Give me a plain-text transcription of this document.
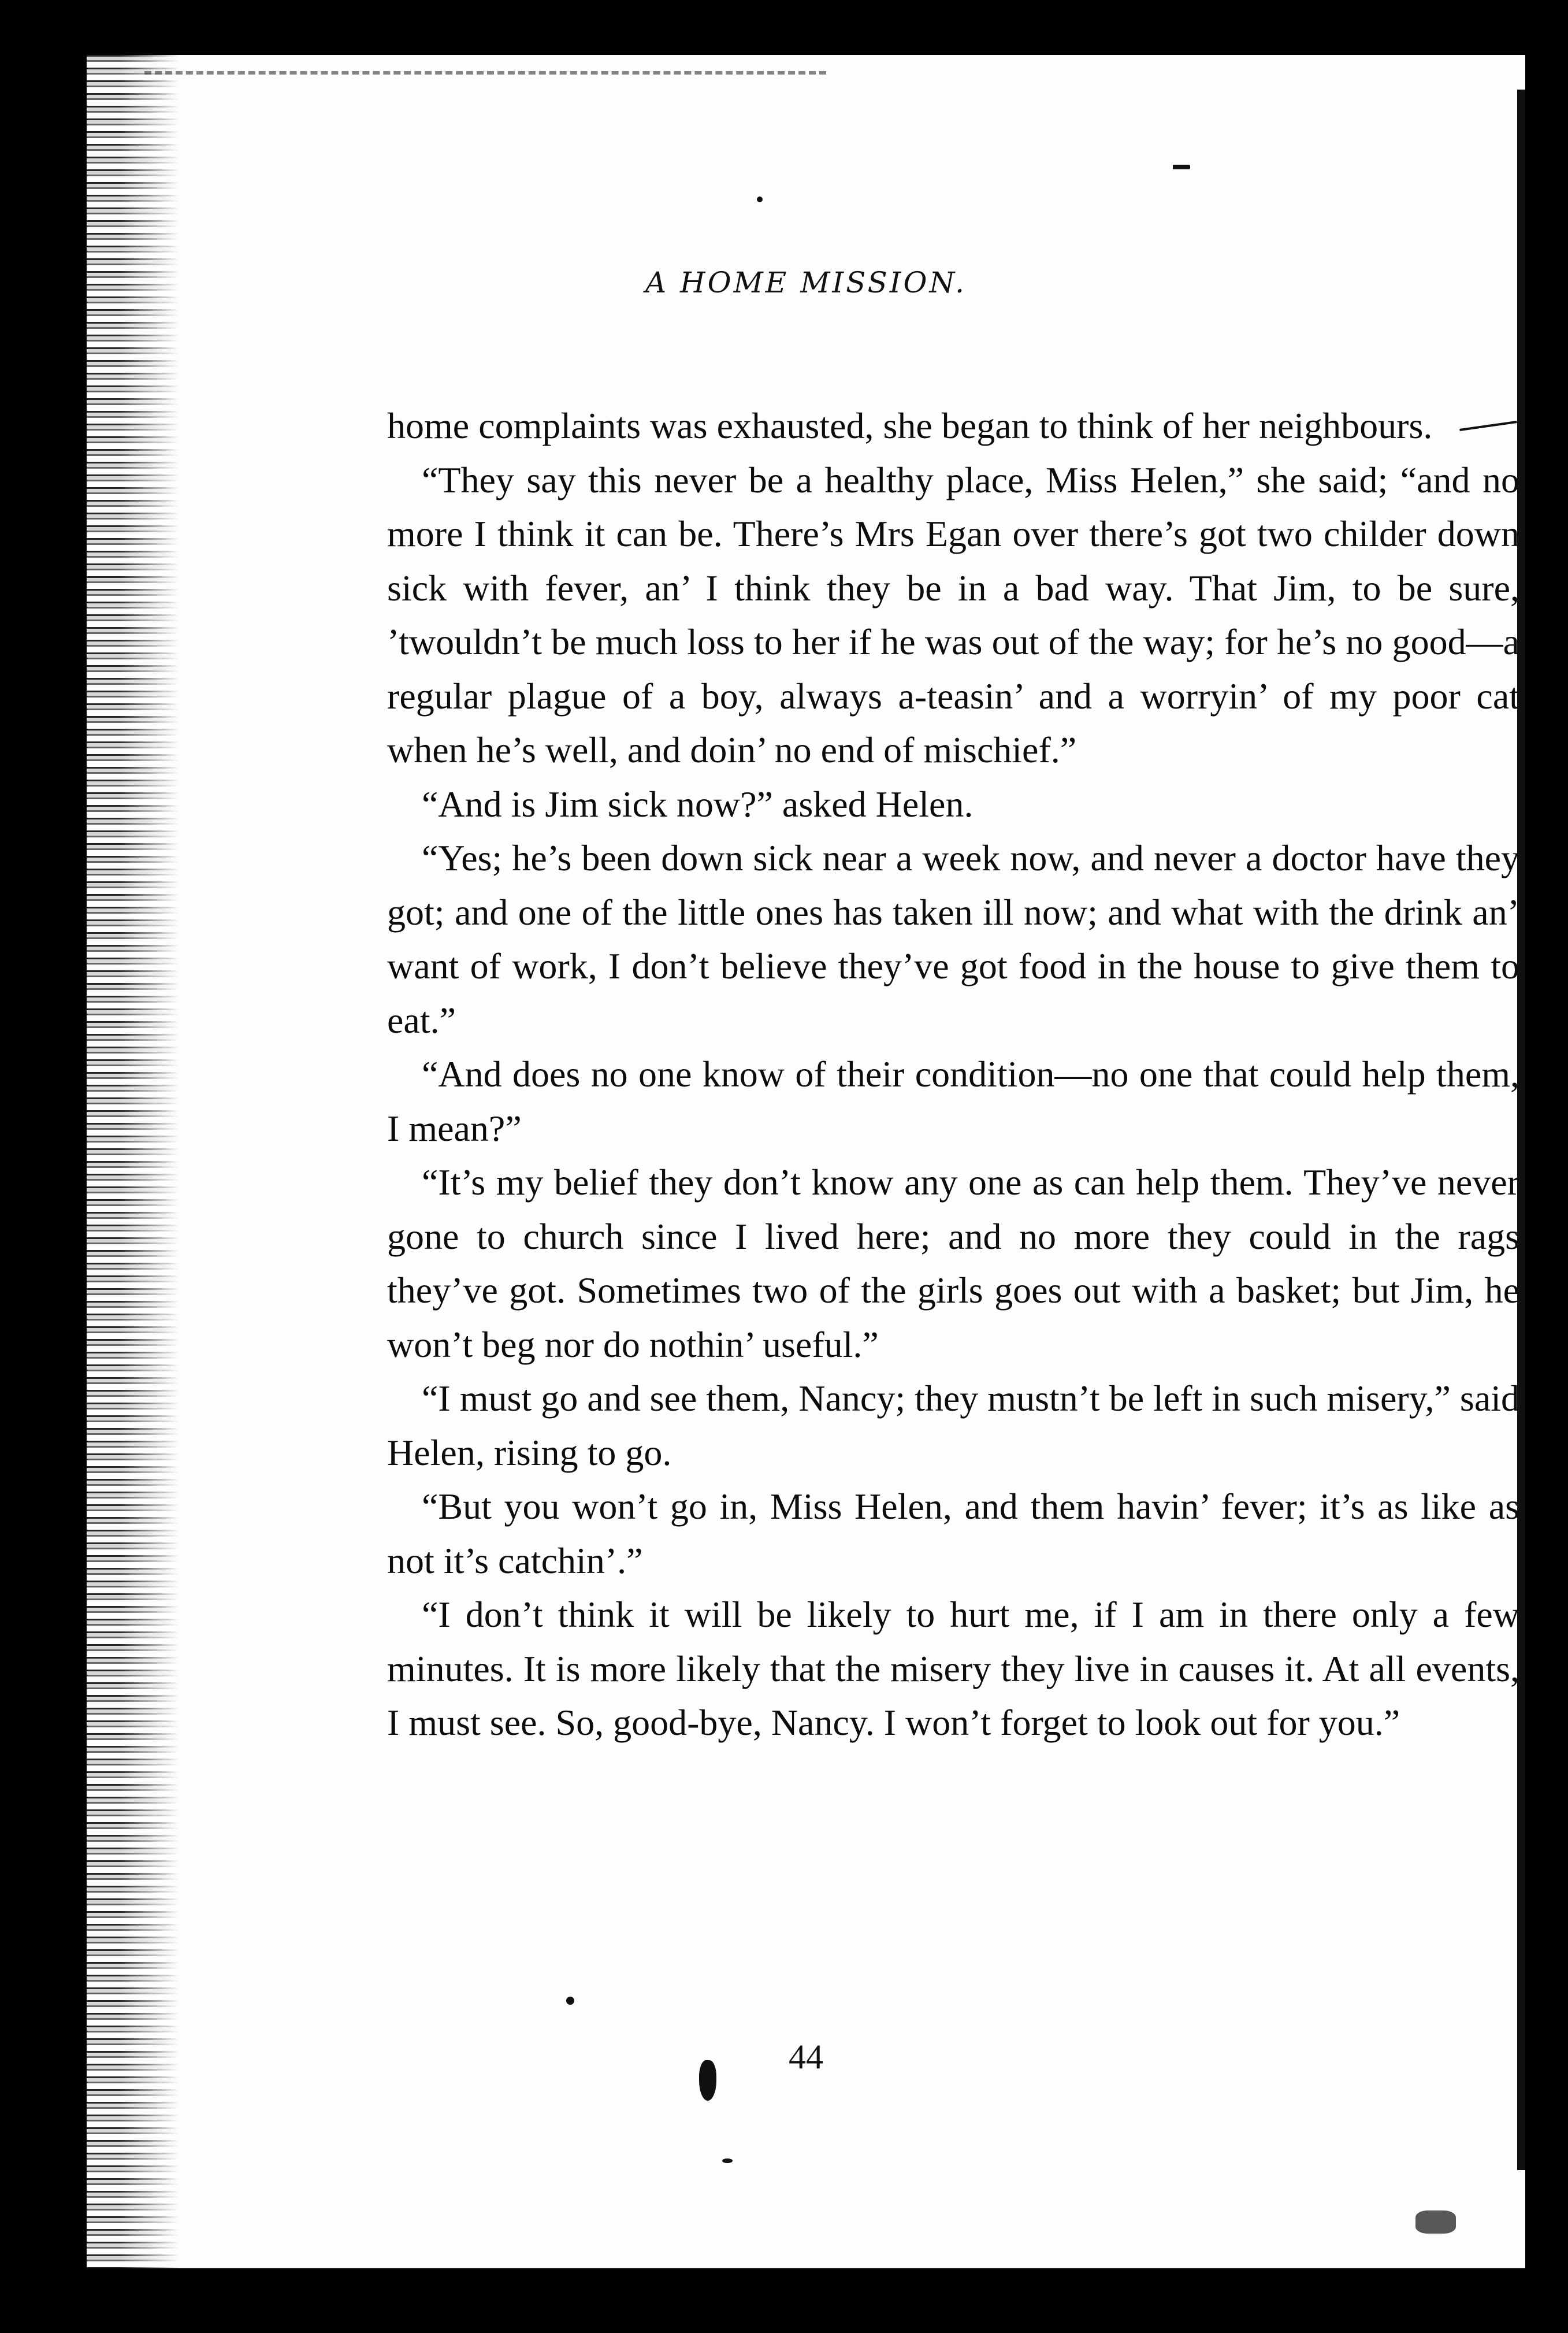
A HOME MISSION.

home complaints was exhausted, she began to think of her neighbours.

“They say this never be a healthy place, Miss Helen,” she said; “and no more I think it can be. There’s Mrs Egan over there’s got two childer down sick with fever, an’ I think they be in a bad way. That Jim, to be sure, ’twouldn’t be much loss to her if he was out of the way; for he’s no good—a regular plague of a boy, always a-teasin’ and a worryin’ of my poor cat when he’s well, and doin’ no end of mischief.”

“And is Jim sick now?” asked Helen.

“Yes; he’s been down sick near a week now, and never a doctor have they got; and one of the little ones has taken ill now; and what with the drink an’ want of work, I don’t believe they’ve got food in the house to give them to eat.”

“And does no one know of their condition—no one that could help them, I mean?”

“It’s my belief they don’t know any one as can help them. They’ve never gone to church since I lived here; and no more they could in the rags they’ve got. Sometimes two of the girls goes out with a basket; but Jim, he won’t beg nor do nothin’ useful.”

“I must go and see them, Nancy; they mustn’t be left in such misery,” said Helen, rising to go.

“But you won’t go in, Miss Helen, and them havin’ fever; it’s as like as not it’s catchin’.”

“I don’t think it will be likely to hurt me, if I am in there only a few minutes. It is more likely that the misery they live in causes it. At all events, I must see. So, good-bye, Nancy. I won’t forget to look out for you.”

44
